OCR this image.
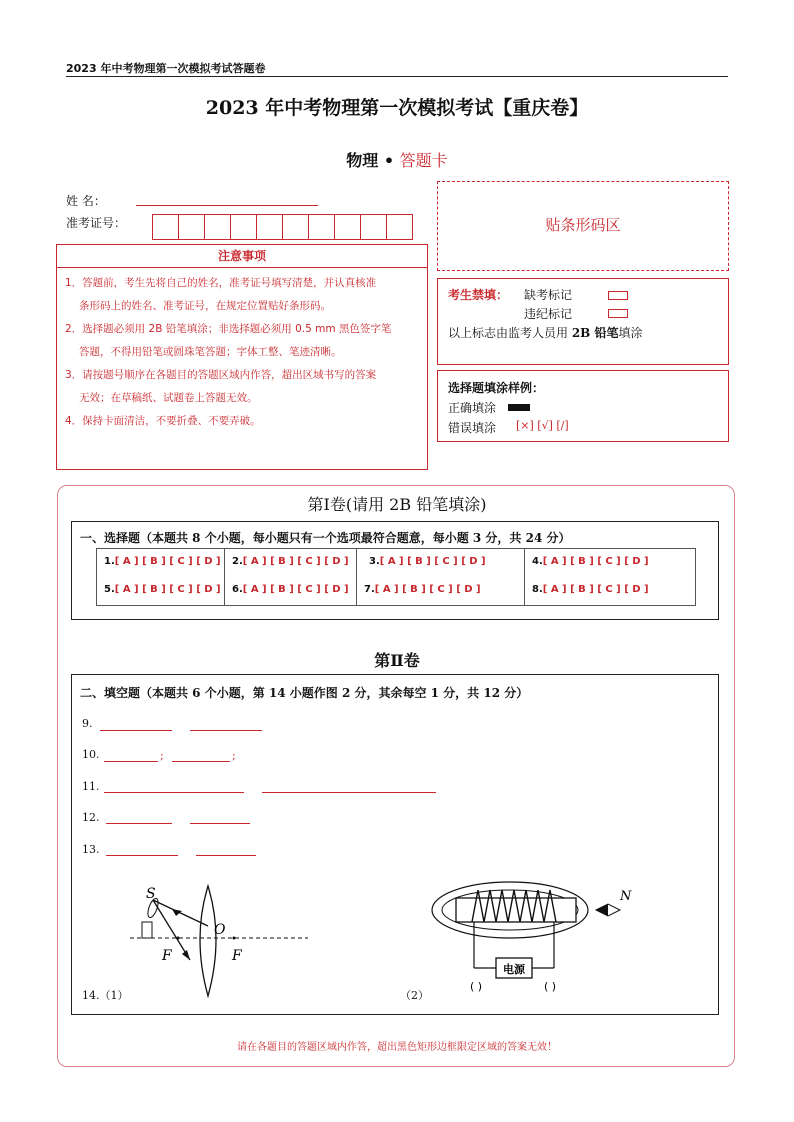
2023 年中考物理第一次模拟考试答题卷
2023 年中考物理第一次模拟考试【重庆卷】
物理 • 答题卡
姓 名：
准考证号：
注意事项
1．答题前，考生先将自己的姓名，准考证号填写清楚，并认真核准
条形码上的姓名、准考证号，在规定位置贴好条形码。
2．选择题必须用 2B 铅笔填涂；非选择题必须用 0.5 mm 黑色签字笔
答题，不得用铅笔或圆珠笔答题；字体工整、笔迹清晰。
3．请按题号顺序在各题目的答题区域内作答，超出区域书写的答案
无效；在草稿纸、试题卷上答题无效。
4．保持卡面清洁，不要折叠、不要弄破。
贴条形码区
考生禁填： 缺考标记
违纪标记
以上标志由监考人员用 2B 铅笔填涂
选择题填涂样例：
正确填涂
错误填涂 [×] [√] [/]
第Ⅰ卷(请用 2B 铅笔填涂)
一、选择题（本题共 8 个小题，每小题只有一个选项最符合题意，每小题 3 分，共 24 分）
1.[ A ] [ B ] [ C ] [ D ]	2.[ A ] [ B ] [ C ] [ D ]	3.[ A ] [ B ] [ C ] [ D ]	4.[ A ] [ B ] [ C ] [ D ]
5.[ A ] [ B ] [ C ] [ D ]	6.[ A ] [ B ] [ C ] [ D ]	7.[ A ] [ B ] [ C ] [ D ]	8.[ A ] [ B ] [ C ] [ D ]
第Ⅱ卷
二、填空题（本题共 6 个小题，第 14 小题作图 2 分，其余每空 1 分，共 12 分）
9.
10.	;	;
11.
12.
13.
S
O
F	F
14.（1）
电源
N
( )	( )
（2）
请在各题目的答题区域内作答，超出黑色矩形边框限定区域的答案无效！
